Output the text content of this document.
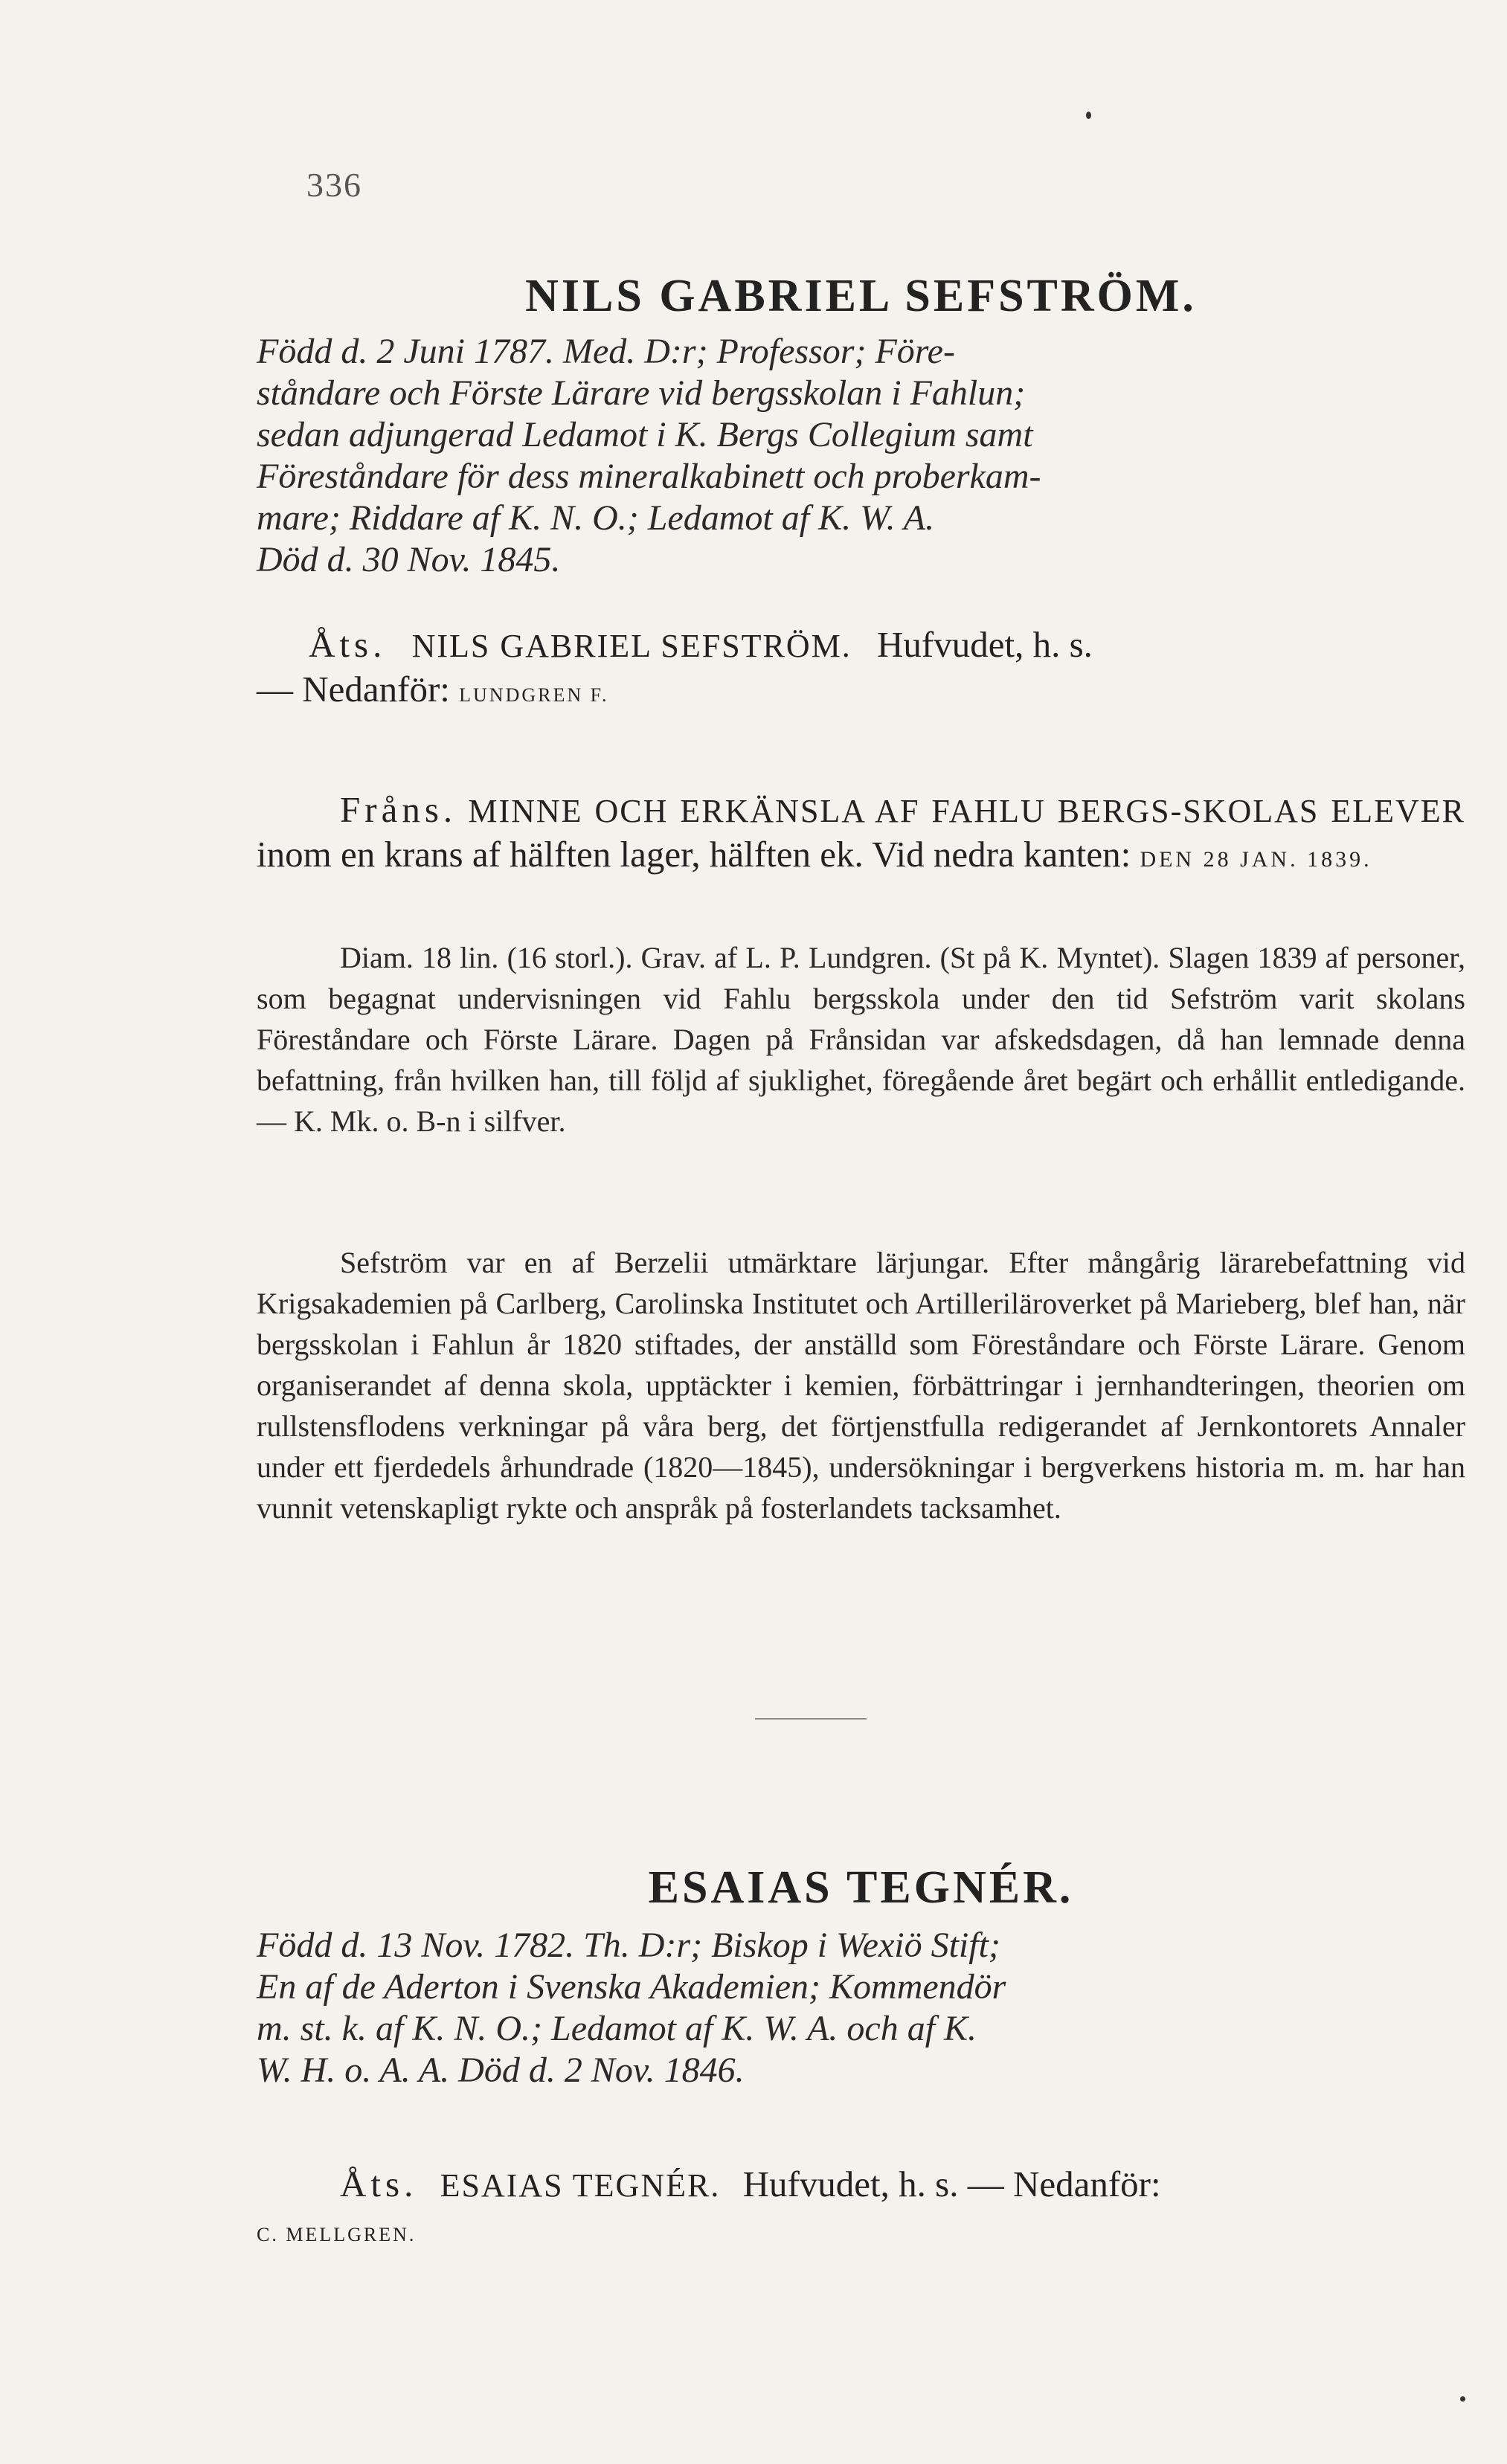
336
NILS GABRIEL SEFSTRÖM.

Född d. 2 Juni 1787. Med. D:r; Professor; Före-
ståndare och Förste Lärare vid bergsskolan i Fahlun;
sedan adjungerad Ledamot i K. Bergs Collegium samt
Föreståndare för dess mineralkabinett och proberkam-
mare; Riddare af K. N. O.; Ledamot af K. W. A.
Död d. 30 Nov. 1845.

Åts. NILS GABRIEL SEFSTRÖM. Hufvudet, h. s.
— Nedanför: LUNDGREN F.

Fråns. MINNE OCH ERKÄNSLA AF FAHLU BERGS-SKOLAS ELEVER inom en krans af hälften lager, hälften ek. Vid nedra kanten: DEN 28 JAN. 1839.

Diam. 18 lin. (16 storl.). Grav. af L. P. Lundgren. (St på K. Myntet). Slagen 1839 af personer, som begagnat undervisningen vid Fahlu bergsskola under den tid Sefström varit skolans Föreståndare och Förste Lärare. Dagen på Frånsidan var afskedsdagen, då han lemnade denna befattning, från hvilken han, till följd af sjuklighet, föregående året begärt och erhållit entledigande. — K. Mk. o. B-n i silfver.

Sefström var en af Berzelii utmärktare lärjungar. Efter mångårig lärarebefattning vid Krigsakademien på Carlberg, Carolinska Institutet och Artilleriläroverket på Marieberg, blef han, när bergsskolan i Fahlun år 1820 stiftades, der anställd som Föreståndare och Förste Lärare. Genom organiserandet af denna skola, upptäckter i kemien, förbättringar i jernhandteringen, theorien om rullstensflodens verkningar på våra berg, det förtjenstfulla redigerandet af Jernkontorets Annaler under ett fjerdedels århundrade (1820—1845), undersökningar i bergverkens historia m. m. har han vunnit vetenskapligt rykte och anspråk på fosterlandets tacksamhet.

ESAIAS TEGNÉR.

Född d. 13 Nov. 1782. Th. D:r; Biskop i Wexiö Stift;
En af de Aderton i Svenska Akademien; Kommendör
m. st. k. af K. N. O.; Ledamot af K. W. A. och af K.
W. H. o. A. A. Död d. 2 Nov. 1846.

Åts. ESAIAS TEGNÉR. Hufvudet, h. s. — Nedanför:
C. MELLGREN.
